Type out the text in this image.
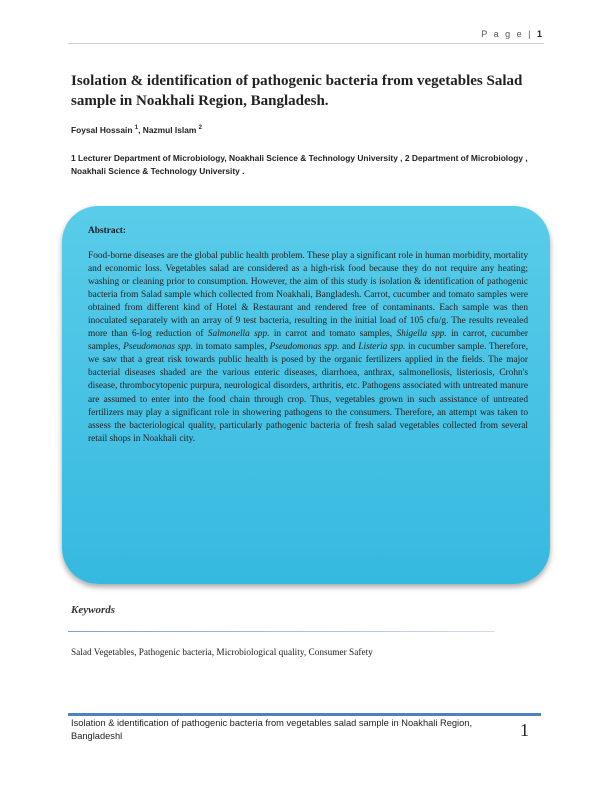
P a g e | 1
Isolation & identification of pathogenic bacteria from vegetables Salad sample in Noakhali Region, Bangladesh.
Foysal Hossain $^1$, Nazmul Islam $^2$
1 Lecturer Department of Microbiology, Noakhali Science & Technology University , 2 Department of Microbiology , Noakhali Science & Technology University .
Abstract:

Food-borne diseases are the global public health problem. These play a significant role in human morbidity, mortality and economic loss. Vegetables salad are considered as a high-risk food because they do not require any heating; washing or cleaning prior to consumption. However, the aim of this study is isolation & identification of pathogenic bacteria from Salad sample which collected from Noakhali, Bangladesh. Carrot, cucumber and tomato samples were obtained from different kind of Hotel & Restaurant and rendered free of contaminants. Each sample was then inoculated separately with an array of 9 test bacteria, resulting in the initial load of 105 cfu/g. The results revealed more than 6-log reduction of Salmonella spp. in carrot and tomato samples, Shigella spp. in carrot, cucumber samples, Pseudomonas spp. in tomato samples, Pseudomonas spp. and Listeria spp. in cucumber sample. Therefore, we saw that a great risk towards public health is posed by the organic fertilizers applied in the fields. The major bacterial diseases shaded are the various enteric diseases, diarrhoea, anthrax, salmonellosis, listeriosis, Crohn's disease, thrombocytopenic purpura, neurological disorders, arthritis, etc. Pathogens associated with untreated manure are assumed to enter into the food chain through crop. Thus, vegetables grown in such assistance of untreated fertilizers may play a significant role in showering pathogens to the consumers. Therefore, an attempt was taken to assess the bacteriological quality, particularly pathogenic bacteria of fresh salad vegetables collected from several retail shops in Noakhali city.

Keywords
Salad Vegetables, Pathogenic bacteria, Microbiological quality, Consumer Safety
Isolation & identification of pathogenic bacteria from vegetables salad sample in Noakhali Region, Bangladeshl	1
